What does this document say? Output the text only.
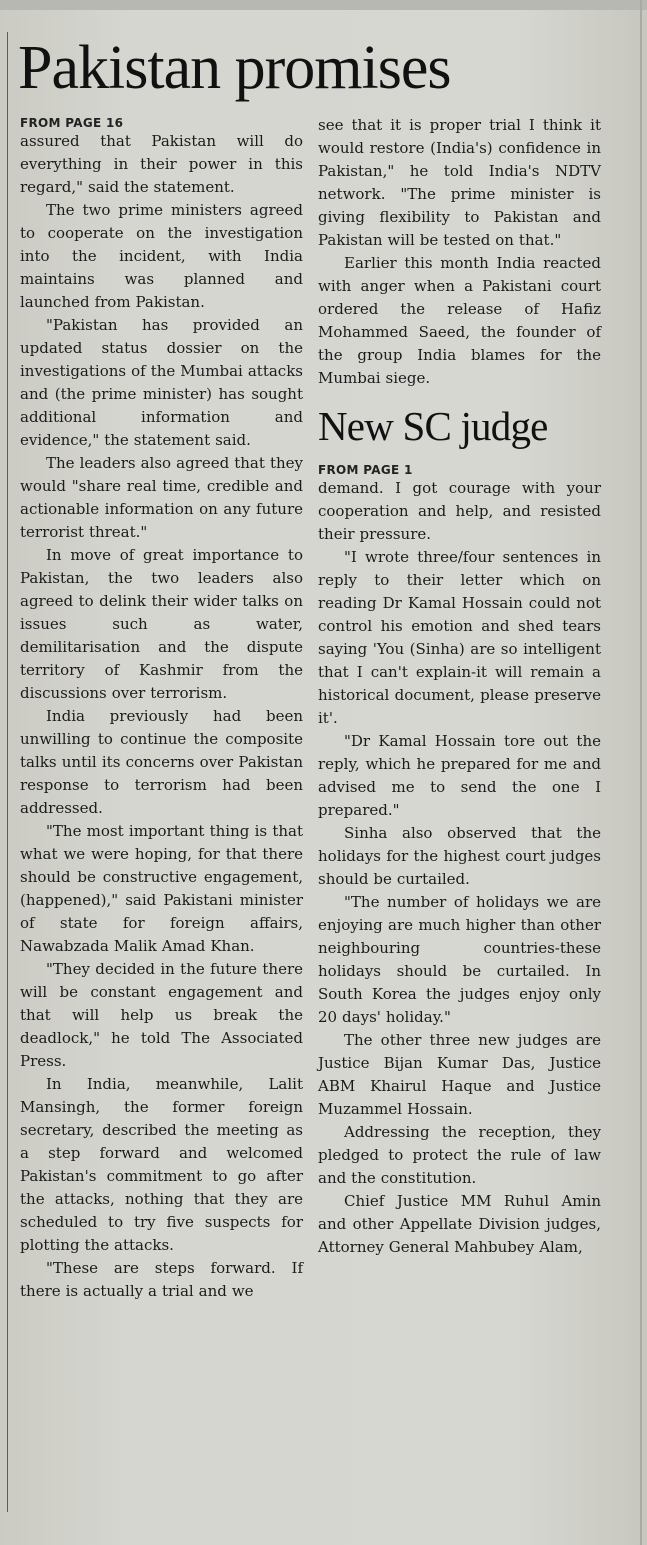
Pakistan promises
FROM PAGE 16

assured that Pakistan will do everything in their power in this regard," said the statement.

The two prime ministers agreed to cooperate on the investigation into the incident, with India maintains was planned and launched from Pakistan.

"Pakistan has provided an updated status dossier on the investigations of the Mumbai attacks and (the prime minister) has sought additional information and evidence," the statement said.

The leaders also agreed that they would "share real time, credible and actionable information on any future terrorist threat."

In move of great importance to Pakistan, the two leaders also agreed to delink their wider talks on issues such as water, demilitarisation and the dispute territory of Kashmir from the discussions over terrorism.

India previously had been unwilling to continue the composite talks until its concerns over Pakistan response to terrorism had been addressed.

"The most important thing is that what we were hoping, for that there should be constructive engagement, (happened)," said Pakistani minister of state for foreign affairs, Nawabzada Malik Amad Khan.

"They decided in the future there will be constant engagement and that will help us break the deadlock," he told The Associated Press.

In India, meanwhile, Lalit Mansingh, the former foreign secretary, described the meeting as a step forward and welcomed Pakistan's commitment to go after the attacks, nothing that they are scheduled to try five suspects for plotting the attacks.

"These are steps forward. If there is actually a trial and we

see that it is proper trial I think it would restore (India's) confidence in Pakistan," he told India's NDTV network. "The prime minister is giving flexibility to Pakistan and Pakistan will be tested on that."

Earlier this month India reacted with anger when a Pakistani court ordered the release of Hafiz Mohammed Saeed, the founder of the group India blames for the Mumbai siege.

New SC judge
FROM PAGE 1

demand. I got courage with your cooperation and help, and resisted their pressure.

"I wrote three/four sentences in reply to their letter which on reading Dr Kamal Hossain could not control his emotion and shed tears saying 'You (Sinha) are so intelligent that I can't explain-it will remain a historical document, please preserve it'.

"Dr Kamal Hossain tore out the reply, which he prepared for me and advised me to send the one I prepared."

Sinha also observed that the holidays for the highest court judges should be curtailed.

"The number of holidays we are enjoying are much higher than other neighbouring countries-these holidays should be curtailed. In South Korea the judges enjoy only 20 days' holiday."

The other three new judges are Justice Bijan Kumar Das, Justice ABM Khairul Haque and Justice Muzammel Hossain.

Addressing the reception, they pledged to protect the rule of law and the constitution.

Chief Justice MM Ruhul Amin and other Appellate Division judges, Attorney General Mahbubey Alam,
